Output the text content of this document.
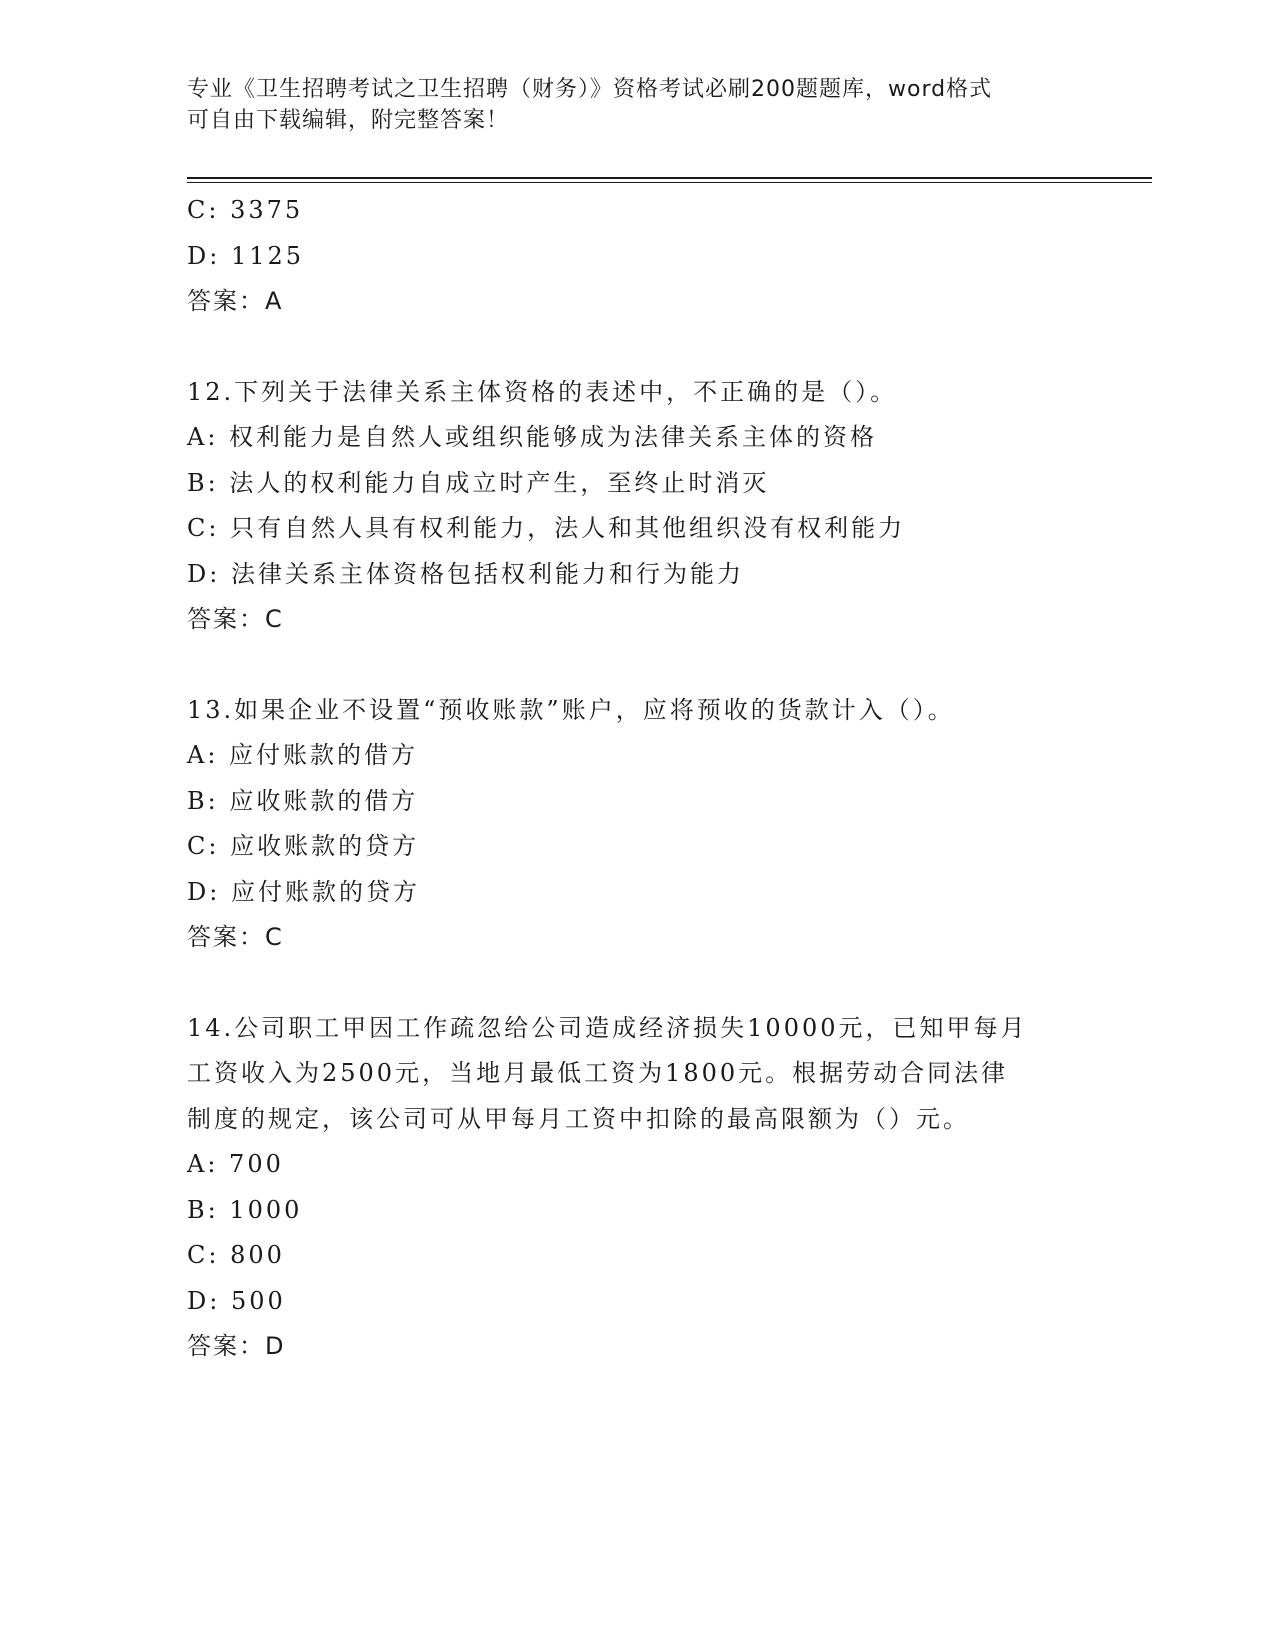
专业《卫生招聘考试之卫生招聘（财务）》资格考试必刷200题题库，word格式
可自由下载编辑，附完整答案！
C: 3375
D: 1125
答案：A
12.下列关于法律关系主体资格的表述中，不正确的是（）。
A: 权利能力是自然人或组织能够成为法律关系主体的资格
B: 法人的权利能力自成立时产生，至终止时消灭
C: 只有自然人具有权利能力，法人和其他组织没有权利能力
D: 法律关系主体资格包括权利能力和行为能力
答案：C
13.如果企业不设置“预收账款”账户，应将预收的货款计入（）。
A: 应付账款的借方
B: 应收账款的借方
C: 应收账款的贷方
D: 应付账款的贷方
答案：C
14.公司职工甲因工作疏忽给公司造成经济损失10000元，已知甲每月
工资收入为2500元，当地月最低工资为1800元。根据劳动合同法律
制度的规定，该公司可从甲每月工资中扣除的最高限额为（）元。
A: 700
B: 1000
C: 800
D: 500
答案：D
